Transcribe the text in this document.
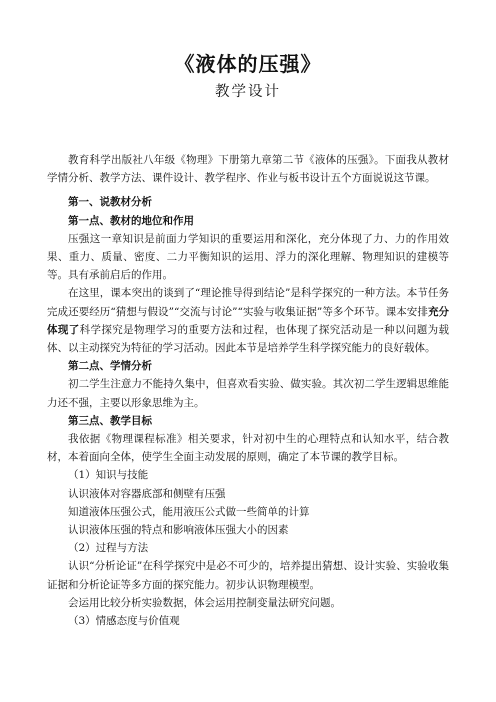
《液体的压强》
教学设计

教育科学出版社八年级《物理》下册第九章第二节《液体的压强》。下面我从教材学情分析、教学方法、课件设计、教学程序、作业与板书设计五个方面说说这节课。

第一、说教材分析

第一点、教材的地位和作用

压强这一章知识是前面力学知识的重要运用和深化，充分体现了力、力的作用效果、重力、质量、密度、二力平衡知识的运用、浮力的深化理解、物理知识的建模等等。具有承前启后的作用。

在这里，课本突出的谈到了“理论推导得到结论”是科学探究的一种方法。本节任务完成还要经历“猜想与假设”“交流与讨论”“实验与收集证据”等多个环节。课本安排充分体现了科学探究是物理学习的重要方法和过程，也体现了探究活动是一种以问题为载体、以主动探究为特征的学习活动。因此本节是培养学生科学探究能力的良好载体。

第二点、学情分析

初二学生注意力不能持久集中，但喜欢看实验、做实验。其次初二学生逻辑思维能力还不强，主要以形象思维为主。

第三点、教学目标

我依据《物理课程标准》相关要求，针对初中生的心理特点和认知水平，结合教材，本着面向全体，使学生全面主动发展的原则，确定了本节课的教学目标。

（1）知识与技能

认识液体对容器底部和侧壁有压强

知道液体压强公式，能用液压公式做一些简单的计算

认识液体压强的特点和影响液体压强大小的因素

（2）过程与方法

认识“分析论证”在科学探究中是必不可少的，培养提出猜想、设计实验、实验收集证据和分析论证等多方面的探究能力。初步认识物理模型。

会运用比较分析实验数据，体会运用控制变量法研究问题。

（3）情感态度与价值观
